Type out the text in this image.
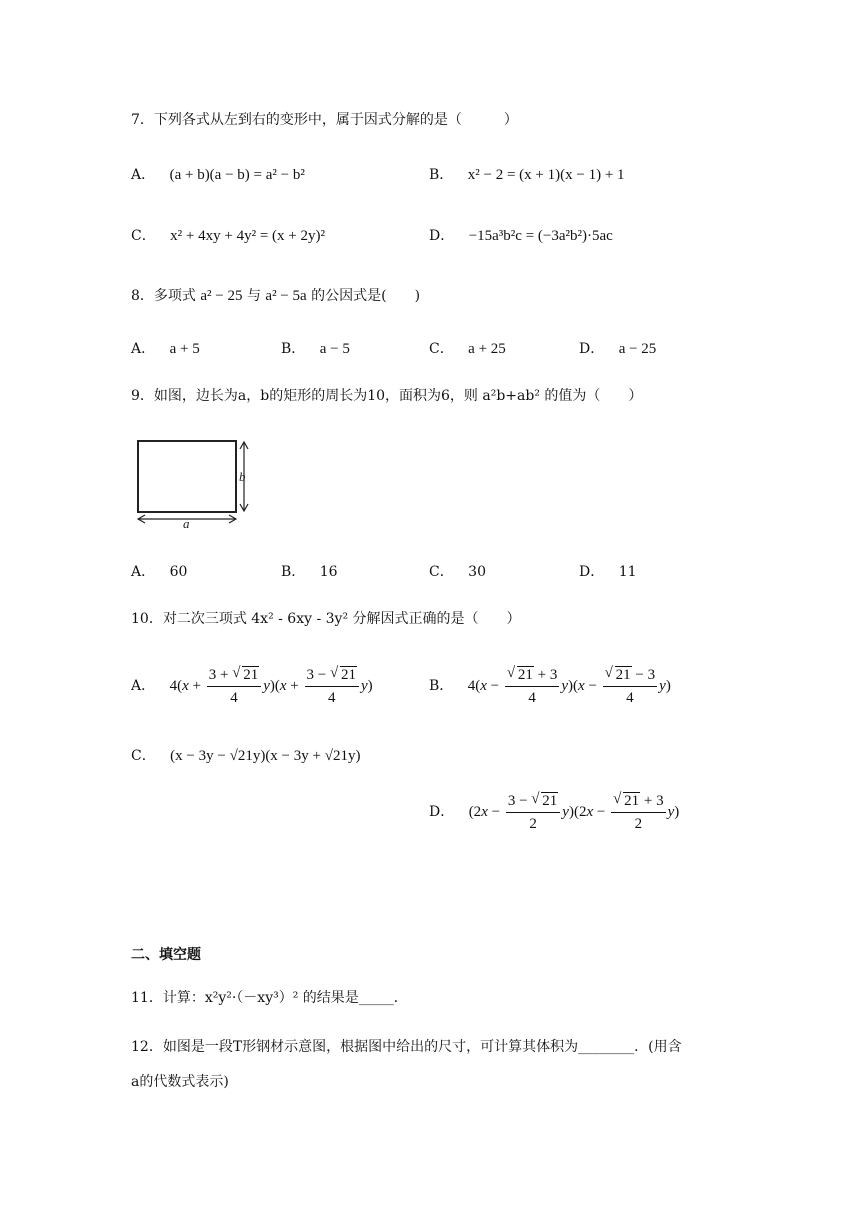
7．下列各式从左到右的变形中，属于因式分解的是（　　　）
A． (a + b)(a − b) = a² − b²	B． x² − 2 = (x + 1)(x − 1) + 1
C． x² + 4xy + 4y² = (x + 2y)²	D． −15a³b²c = (−3a²b²)·5ac
8．多项式 a² − 25 与 a² − 5a 的公因式是(　　)
A． a + 5	B． a − 5	C． a + 25	D． a − 25
9．如图，边长为a，b的矩形的周长为10，面积为6，则 a²b+ab² 的值为（　　）
b
a
A． 60	B． 16	C． 30	D． 11
10．对二次三项式 4x² - 6xy - 3y² 分解因式正确的是（　　）
A． $4(x + \frac{3 + √ 21}{4} y)(x + \frac{3 - √ 21}{4} y)$	B． 4(x − √ $\frac{21 + 3}{4} y)(x$ − √ $\frac{21 - 3}{4} y$)
C． (x − 3y − √21y)(x − 3y + √21y)
D． $(2x - \frac{3 - √ 21}{2} y)(2x$ − √ $\frac{21 + 3}{2} y$)
二、填空题
11．计算：x²y²·（－xy³）² 的结果是_____．
12．如图是一段T形钢材示意图，根据图中给出的尺寸，可计算其体积为________．(用含
a的代数式表示)
